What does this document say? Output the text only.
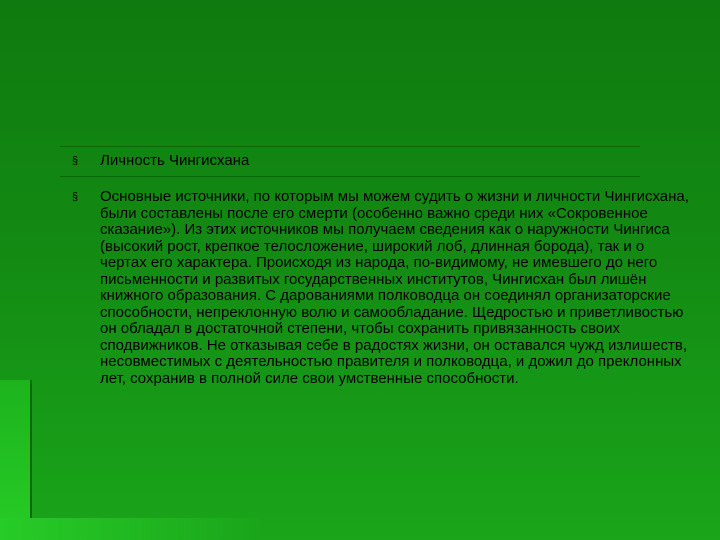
§	Личность Чингисхана
§	Основные источники, по которым мы можем судить о жизни и личности Чингисхана, были составлены после его смерти (особенно важно среди них «Сокровенное сказание»). Из этих источников мы получаем сведения как о наружности Чингиса (высокий рост, крепкое телосложение, широкий лоб, длинная борода), так и о чертах его характера. Происходя из народа, по-видимому, не имевшего до него письменности и развитых государственных институтов, Чингисхан был лишён книжного образования. С дарованиями полководца он соединял организаторские способности, непреклонную волю и самообладание. Щедростью и приветливостью он обладал в достаточной степени, чтобы сохранить привязанность своих сподвижников. Не отказывая себе в радостях жизни, он оставался чужд излишеств, несовместимых с деятельностью правителя и полководца, и дожил до преклонных лет, сохранив в полной силе свои умственные способности.
